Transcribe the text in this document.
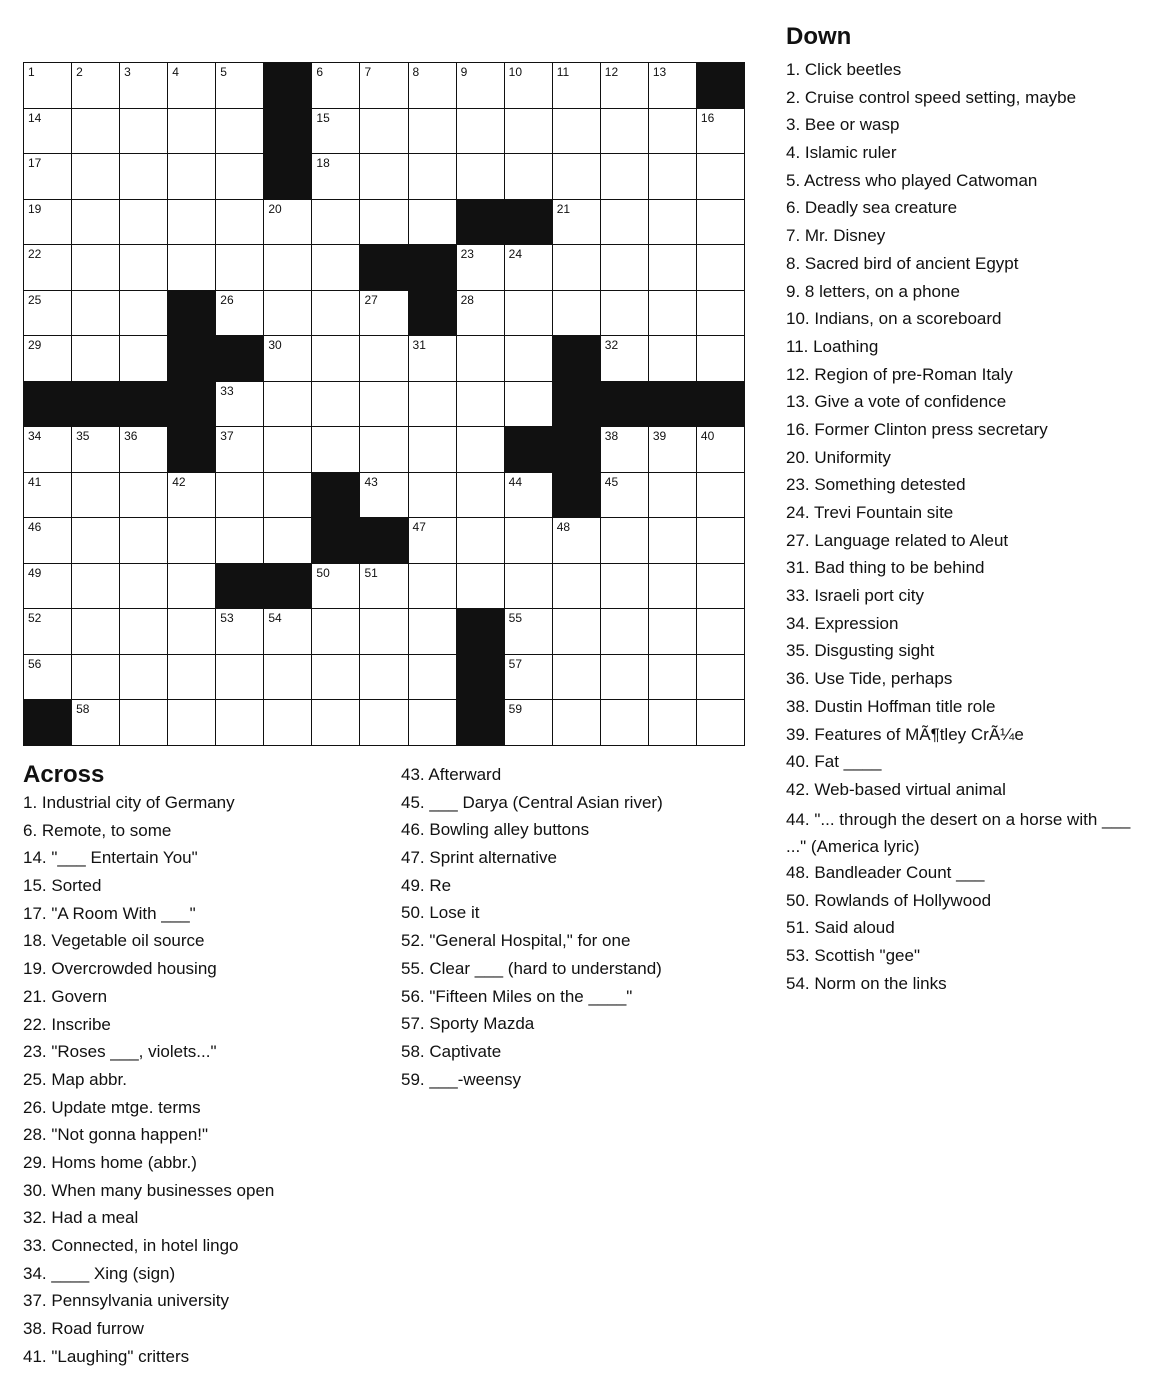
1	2	3	4	5	6	7	8	9	10	11	12	13
14	15	16
17	18
19	20	21
22	23	24
25	26	27	28
29	30	31	32
33
34	35	36	37	38	39	40
41	42	43	44	45
46	47	48
49	50	51
52	53	54	55
56	57
58	59
Down
1. Click beetles
2. Cruise control speed setting, maybe
3. Bee or wasp
4. Islamic ruler
5. Actress who played Catwoman
6. Deadly sea creature
7. Mr. Disney
8. Sacred bird of ancient Egypt
9. 8 letters, on a phone
10. Indians, on a scoreboard
11. Loathing
12. Region of pre-Roman Italy
13. Give a vote of confidence
16. Former Clinton press secretary
20. Uniformity
23. Something detested
24. Trevi Fountain site
27. Language related to Aleut
31. Bad thing to be behind
33. Israeli port city
34. Expression
35. Disgusting sight
36. Use Tide, perhaps
38. Dustin Hoffman title role
39. Features of MÃ¶tley CrÃ¼e
40. Fat ____
42. Web-based virtual animal
44. "... through the desert on a horse with ___ ..." (America lyric)
48. Bandleader Count ___
50. Rowlands of Hollywood
51. Said aloud
53. Scottish "gee"
54. Norm on the links
Across
1. Industrial city of Germany
6. Remote, to some
14. "___ Entertain You"
15. Sorted
17. "A Room With ___"
18. Vegetable oil source
19. Overcrowded housing
21. Govern
22. Inscribe
23. "Roses ___, violets..."
25. Map abbr.
26. Update mtge. terms
28. "Not gonna happen!"
29. Homs home (abbr.)
30. When many businesses open
32. Had a meal
33. Connected, in hotel lingo
34. ____ Xing (sign)
37. Pennsylvania university
38. Road furrow
41. "Laughing" critters
43. Afterward
45. ___ Darya (Central Asian river)
46. Bowling alley buttons
47. Sprint alternative
49. Re
50. Lose it
52. "General Hospital," for one
55. Clear ___ (hard to understand)
56. "Fifteen Miles on the ____"
57. Sporty Mazda
58. Captivate
59. ___-weensy
